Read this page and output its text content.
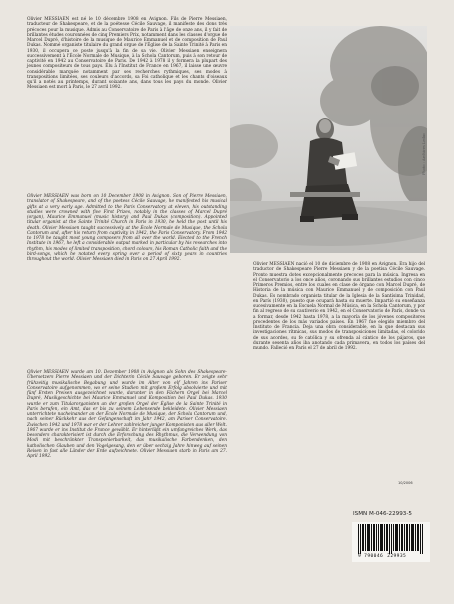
Olivier MESSIAEN est né le 10 décembre 1908 en Avignon. Fils de Pierre Messiaen, traducteur de Shakespeare, et de la poétesse Cécile Sauvage, il manifeste des dons très précoces pour la musique. Admis au Conservatoire de Paris à l'âge de onze ans, il y fait de brillantes études couronnées de cinq Premiers Prix, notamment dans les classes d'orgue de Marcel Dupré, d'histoire de la musique de Maurice Emmanuel et de composition de Paul Dukas. Nommé organiste titulaire du grand orgue de l'Église de la Sainte Trinité à Paris en 1930, il occupera ce poste jusqu'à la fin de sa vie. Olivier Messiaen enseignera successivement à l'École Normale de Musique, à la Schola Cantorum, puis à son retour de captivité en 1942 au Conservatoire de Paris. De 1942 à 1978 il y formera la plupart des jeunes compositeurs de tous pays. Élu à l'Institut de France en 1967, il laisse une œuvre considérable marquée notamment par ses recherches rythmiques, ses modes à transpositions limitées, ses couleurs d'accords, sa Foi catholique et les chants d'oiseaux qu'il a notés au printemps, durant soixante ans, dans tous les pays du monde. Olivier Messiaen est mort à Paris, le 27 avril 1992.

Olivier MESSIAEN was born on 10 December 1908 in Avignon. Son of Pierre Messiaen, translator of Shakespeare, and of the poetess Cécile Sauvage, he manifested his musical gifts at a very early age. Admitted to the Paris Conservatory at eleven, his outstanding studies were crowned with five First Prizes, notably in the classes of Marcel Dupré (organ), Maurice Emmanuel (music history) and Paul Dukas (composition). Appointed titular organist at the Sainte Trinité Church in Paris in 1930, he held the post until his death. Olivier Messiaen taught successively at the École Normale de Musique, the Schola Cantorum and, after his return from captivity in 1942, the Paris Conservatory. From 1942 to 1978 he taught most young composers from all over the world. Elected to the French Institute in 1967, he left a considerable output marked in particular by his researches into rhythm, his modes of limited transposition, chord colours, his Roman Catholic faith and the bird-songs, which he notated every spring over a period of sixty years in countries throughout the world. Olivier Messiaen died in Paris on 27 April 1992.

Olivier MESSIAEN wurde am 10. Dezember 1908 in Avignon als Sohn des Shakespeare-Übersetzers Pierre Messiaen und der Dichterin Cécile Sauvage geboren. Er zeigte sehr frühzeitig musikalische Begabung und wurde im Alter von elf Jahren ins Pariser Conservatoire aufgenommen, wo er seine Studien mit großem Erfolg absolvierte und mit fünf Ersten Preisen ausgezeichnet wurde, darunter in den Fächern Orgel bei Marcel Dupré, Musikgeschichte bei Maurice Emmanuel und Komposition bei Paul Dukas. 1930 wurde er zum Titularorganisten an der großen Orgel der Église de la Sainte Trinité in Paris berufen, ein Amt, das er bis zu seinem Lebensende bekleidete. Olivier Messiaen unterrichtete nacheinander an der École Normale de Musique, der Schola Cantorum und, nach seiner Rückkehr aus der Gefangenschaft im Jahr 1942, am Pariser Conservatoire. Zwischen 1942 und 1978 war er der Lehrer zahlreicher junger Komponisten aus aller Welt. 1967 wurde er ins Institut de France gewählt. Er hinterläßt ein umfangreiches Werk, das besonders charakterisiert ist durch die Erforschung des Rhythmus, die Verwendung von Modi mit beschränkter Transponierbarkeit, das musikalische Farbendenken, den katholischen Glauben und den Vogelgesang, den er über sechzig Jahre hinweg auf seinen Reisen in fast alle Länder der Erde aufzeichnete. Olivier Messiaen starb in Paris am 27. April 1992.

Photo : Archives Leduc

Olivier MESSIAEN nació el 10 de diciembre de 1908 en Avignon. Era hijo del traductor de Shakespeare Pierre Messiaen y de la poetisa Cécile Sauvage. Pronto muestra dotes excepcionalmente precoces para la música. Ingresa en el Conservatorio a los once años, coronando sus brillantes estudios con cinco Primeros Premios, entre los cuales en clase de órgano con Marcel Dupré, de Historia de la música con Maurice Emmanuel y de composición con Paul Dukas. Es nombrado organista titular de la Iglesia de la Santísima Trinidad, en París (1930), puesto que ocupará hasta su muerte. Impartió su enseñanza sucesivamente en la Escuela Normal de Música, en la Schola Cantorum, y por fin al regreso de su cautiverio en 1942, en el Conservatorio de París, donde va a formar, desde 1942 hasta 1978, a la mayoría de los jóvenes compositores procedentes de los más variados países. En 1967 fue elegido miembro del Instituto de Francia. Deja una obra considerable, en la que destacan sus investigaciones rítmicas, sus modos de transposiciones limitadas, el colorido de sus acordes, su fe católica y su ofrenda al cántico de los pájaros, que durante sesenta años iba anotando cada primavera, en todos los países del mundo. Falleció en París el 27 de abril de 1992.

10/2006
ISMN M-046-22993-5
9 790046 229935
